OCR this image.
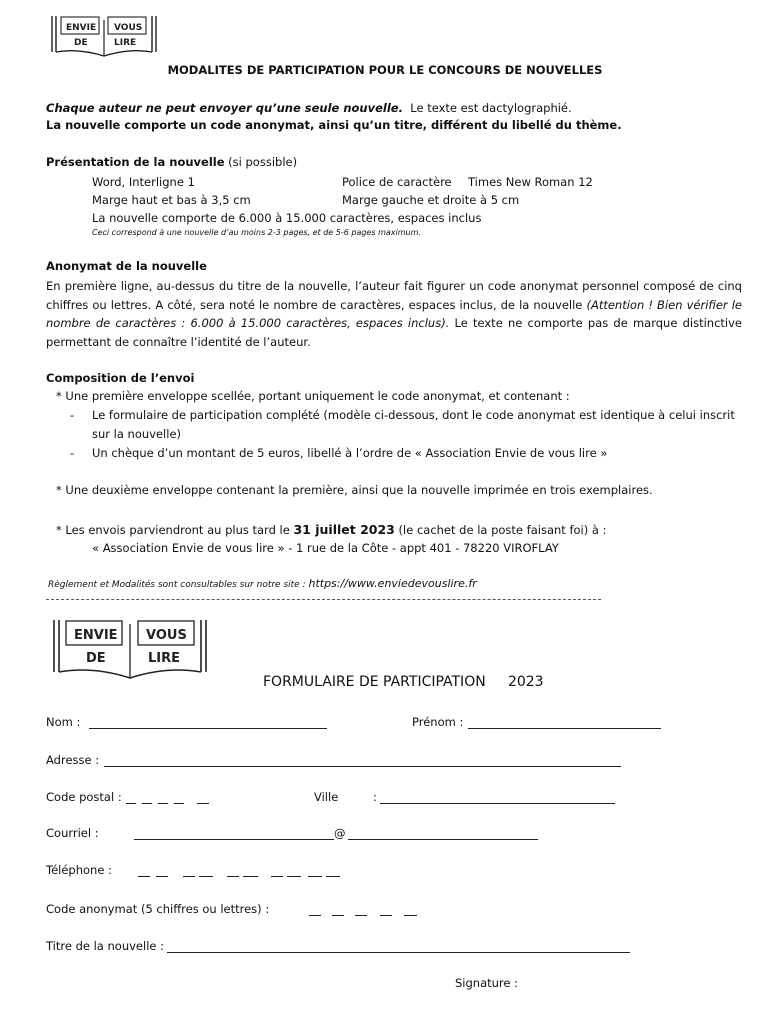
ENVIE VOUS
DE	LIRE
MODALITES DE PARTICIPATION POUR LE CONCOURS DE NOUVELLES
Chaque auteur ne peut envoyer qu’une seule nouvelle. Le texte est dactylographié.
La nouvelle comporte un code anonymat, ainsi qu’un titre, différent du libellé du thème.
Présentation de la nouvelle (si possible)
Word, Interligne 1	Police de caractère Times New Roman 12
Marge haut et bas à 3,5 cm	Marge gauche et droite à 5 cm
La nouvelle comporte de 6.000 à 15.000 caractères, espaces inclus
Ceci correspond à une nouvelle d’au moins 2-3 pages, et de 5-6 pages maximum.
Anonymat de la nouvelle
En première ligne, au-dessus du titre de la nouvelle, l’auteur fait figurer un code anonymat personnel composé de cinq chiffres ou lettres. A côté, sera noté le nombre de caractères, espaces inclus, de la nouvelle (Attention ! Bien vérifier le nombre de caractères : 6.000 à 15.000 caractères, espaces inclus). Le texte ne comporte pas de marque distinctive permettant de connaître l’identité de l’auteur.
Composition de l’envoi
* Une première enveloppe scellée, portant uniquement le code anonymat, et contenant :
- Le formulaire de participation complété (modèle ci-dessous, dont le code anonymat est identique à celui inscrit
sur la nouvelle)
- Un chèque d’un montant de 5 euros, libellé à l’ordre de « Association Envie de vous lire »
* Une deuxième enveloppe contenant la première, ainsi que la nouvelle imprimée en trois exemplaires.
* Les envois parviendront au plus tard le 31 juillet 2023 (le cachet de la poste faisant foi) à :
« Association Envie de vous lire » - 1 rue de la Côte - appt 401 - 78220 VIROFLAY
Règlement et Modalités sont consultables sur notre site : https://www.enviedevouslire.fr
ENVIE VOUS
DE	LIRE
FORMULAIRE DE PARTICIPATION 2023
Nom :	Prénom :
Adresse :
Code postal :	Ville	:
Courriel :	@
Téléphone :
Code anonymat (5 chiffres ou lettres) :
Titre de la nouvelle :
Signature :
